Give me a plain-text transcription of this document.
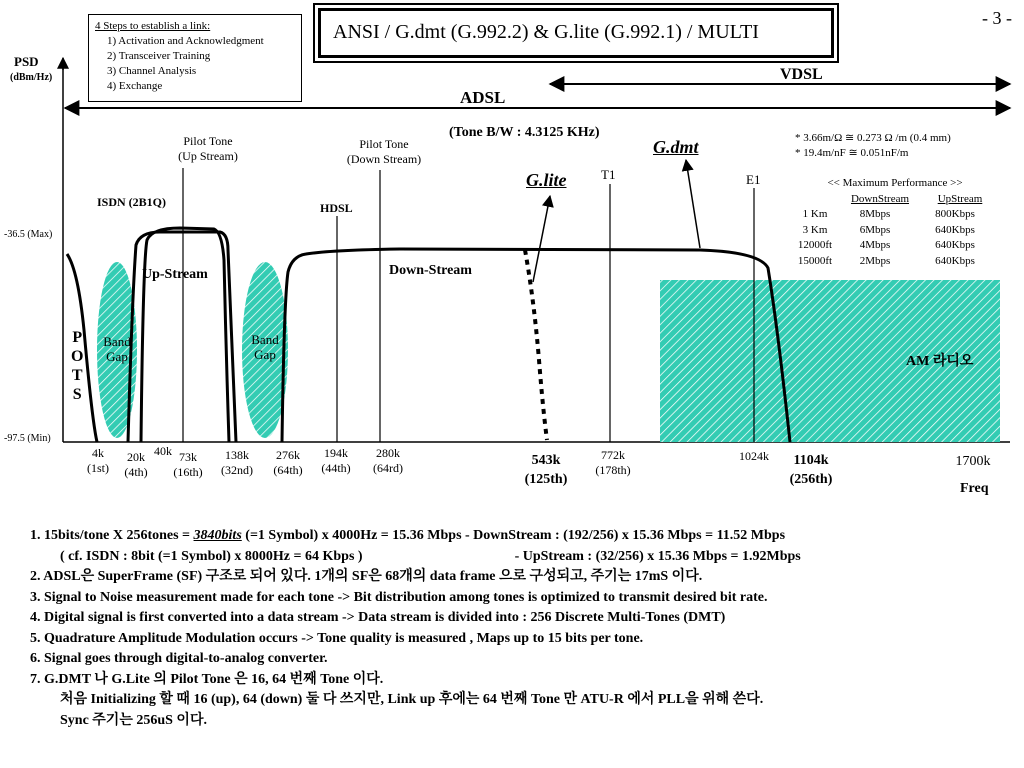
- 3 -
4 Steps to establish a link:
1) Activation and Acknowledgment
2) Transceiver Training
3) Channel Analysis
4) Exchange
ANSI / G.dmt (G.992.2) & G.lite (G.992.1) / MULTI
PSD
(dBm/Hz)
-36.5 (Max)
-97.5 (Min)
Freq
VDSL
ADSL
(Tone B/W : 4.3125 KHz)
Pilot Tone
(Up Stream)
Pilot Tone
(Down Stream)
ISDN (2B1Q)	HDSL
Up-Stream	Down-Stream
G.lite
G.dmt
T1	E1
Band
Gap
Band
Gap
P
O
T
S
AM 라디오
* 3.66m/Ω ≅ 0.273 Ω /m (0.4 mm)
* 19.4m/nF ≅ 0.051nF/m
<< Maximum Performance >>
DownStream	UpStream
1 Km	8Mbps	800Kbps
3 Km	6Mbps	640Kbps
12000ft	4Mbps	640Kbps
15000ft	2Mbps	640Kbps
4k
(1st)
20k
(4th)
40k 73k
(16th)
138k
(32nd)
276k
(64th)
194k
(44th)
280k
(64rd)	543k
(125th)
772k
(178th)
1024k	1104k
(256th)
1700k
1. 15bits/tone X 256tones = 3840bits (=1 Symbol) x 4000Hz = 15.36 Mbps - DownStream : (192/256) x 15.36 Mbps = 11.52 Mbps
( cf. ISDN : 8bit (=1 Symbol) x 8000Hz = 64 Kbps )	- UpStream : (32/256) x 15.36 Mbps = 1.92Mbps
2. ADSL은 SuperFrame (SF) 구조로 되어 있다. 1개의 SF은 68개의 data frame 으로 구성되고, 주기는 17mS 이다.
3. Signal to Noise measurement made for each tone -> Bit distribution among tones is optimized to transmit desired bit rate.
4. Digital signal is first converted into a data stream -> Data stream is divided into : 256 Discrete Multi-Tones (DMT)
5. Quadrature Amplitude Modulation occurs -> Tone quality is measured , Maps up to 15 bits per tone.
6. Signal goes through digital-to-analog converter.
7. G.DMT 나 G.Lite 의 Pilot Tone 은 16, 64 번째 Tone 이다.
처음 Initializing 할 때 16 (up), 64 (down) 둘 다 쓰지만, Link up 후에는 64 번째 Tone 만 ATU-R 에서 PLL을 위해 쓴다.
Sync 주기는 256uS 이다.
